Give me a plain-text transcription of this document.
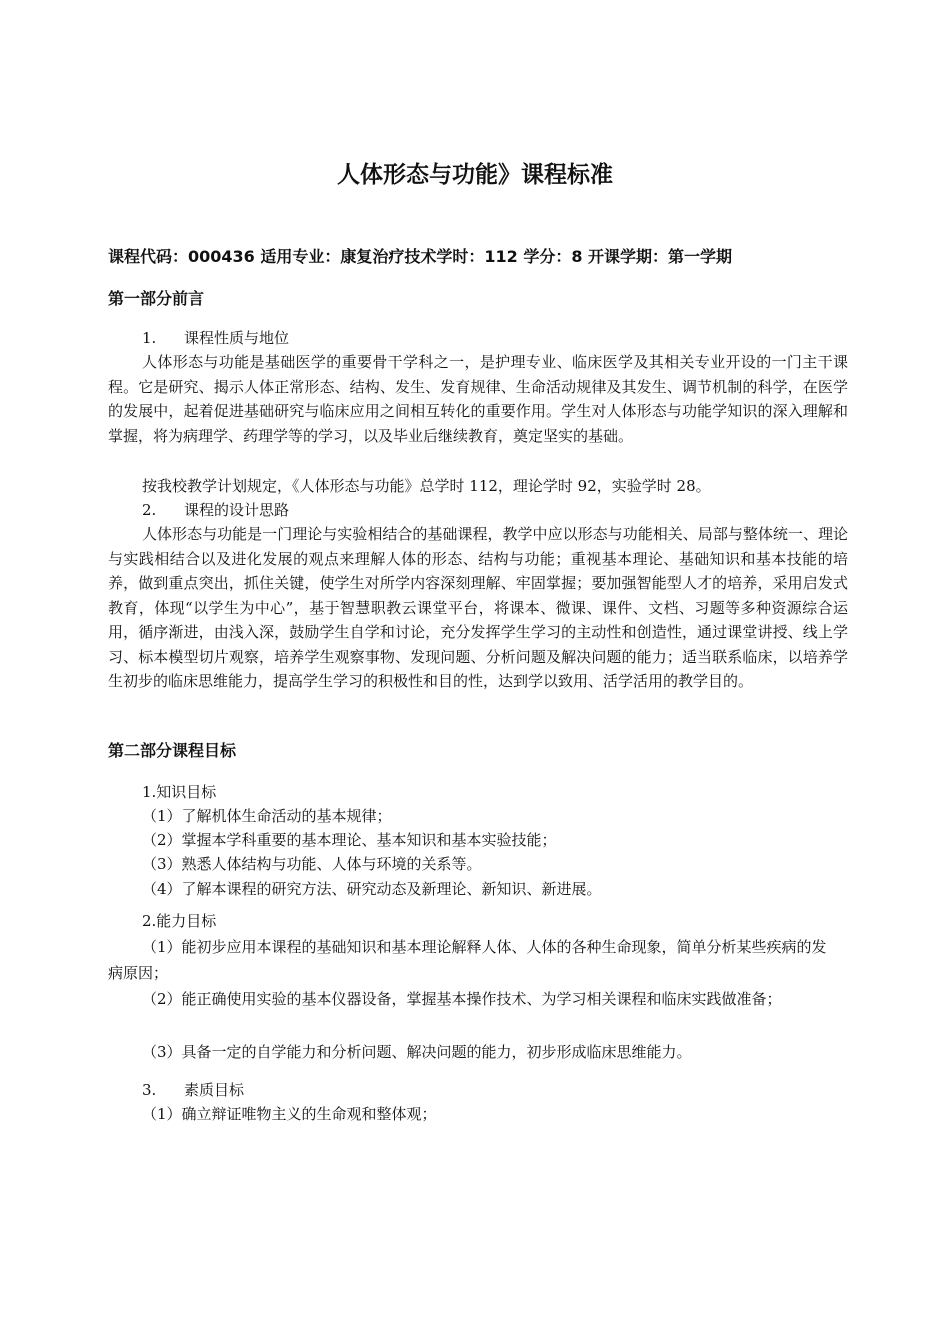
人体形态与功能》课程标准
课程代码：000436 适用专业：康复治疗技术学时：112 学分：8 开课学期：第一学期
第一部分前言
1. 课程性质与地位

人体形态与功能是基础医学的重要骨干学科之一，是护理专业、临床医学及其相关专业开设的一门主干课程。它是研究、揭示人体正常形态、结构、发生、发育规律、生命活动规律及其发生、调节机制的科学，在医学的发展中，起着促进基础研究与临床应用之间相互转化的重要作用。学生对人体形态与功能学知识的深入理解和掌握，将为病理学、药理学等的学习，以及毕业后继续教育，奠定坚实的基础。

按我校教学计划规定，《人体形态与功能》总学时 112，理论学时 92，实验学时 28。

2. 课程的设计思路

人体形态与功能是一门理论与实验相结合的基础课程，教学中应以形态与功能相关、局部与整体统一、理论与实践相结合以及进化发展的观点来理解人体的形态、结构与功能；重视基本理论、基础知识和基本技能的培养，做到重点突出，抓住关键，使学生对所学内容深刻理解、牢固掌握；要加强智能型人才的培养，采用启发式教育，体现“以学生为中心”，基于智慧职教云课堂平台，将课本、微课、课件、文档、习题等多种资源综合运用，循序渐进，由浅入深，鼓励学生自学和讨论，充分发挥学生学习的主动性和创造性，通过课堂讲授、线上学习、标本模型切片观察，培养学生观察事物、发现问题、分析问题及解决问题的能力；适当联系临床，以培养学生初步的临床思维能力，提高学生学习的积极性和目的性，达到学以致用、活学活用的教学目的。

第二部分课程目标
1.知识目标
（1）了解机体生命活动的基本规律；
（2）掌握本学科重要的基本理论、基本知识和基本实验技能；
（3）熟悉人体结构与功能、人体与环境的关系等。
（4）了解本课程的研究方法、研究动态及新理论、新知识、新进展。
2.能力目标

（1）能初步应用本课程的基础知识和基本理论解释人体、人体的各种生命现象，简单分析某些疾病的发病原因；

（2）能正确使用实验的基本仪器设备，掌握基本操作技术、为学习相关课程和临床实践做准备；

（3）具备一定的自学能力和分析问题、解决问题的能力，初步形成临床思维能力。

3. 素质目标
（1）确立辩证唯物主义的生命观和整体观；
